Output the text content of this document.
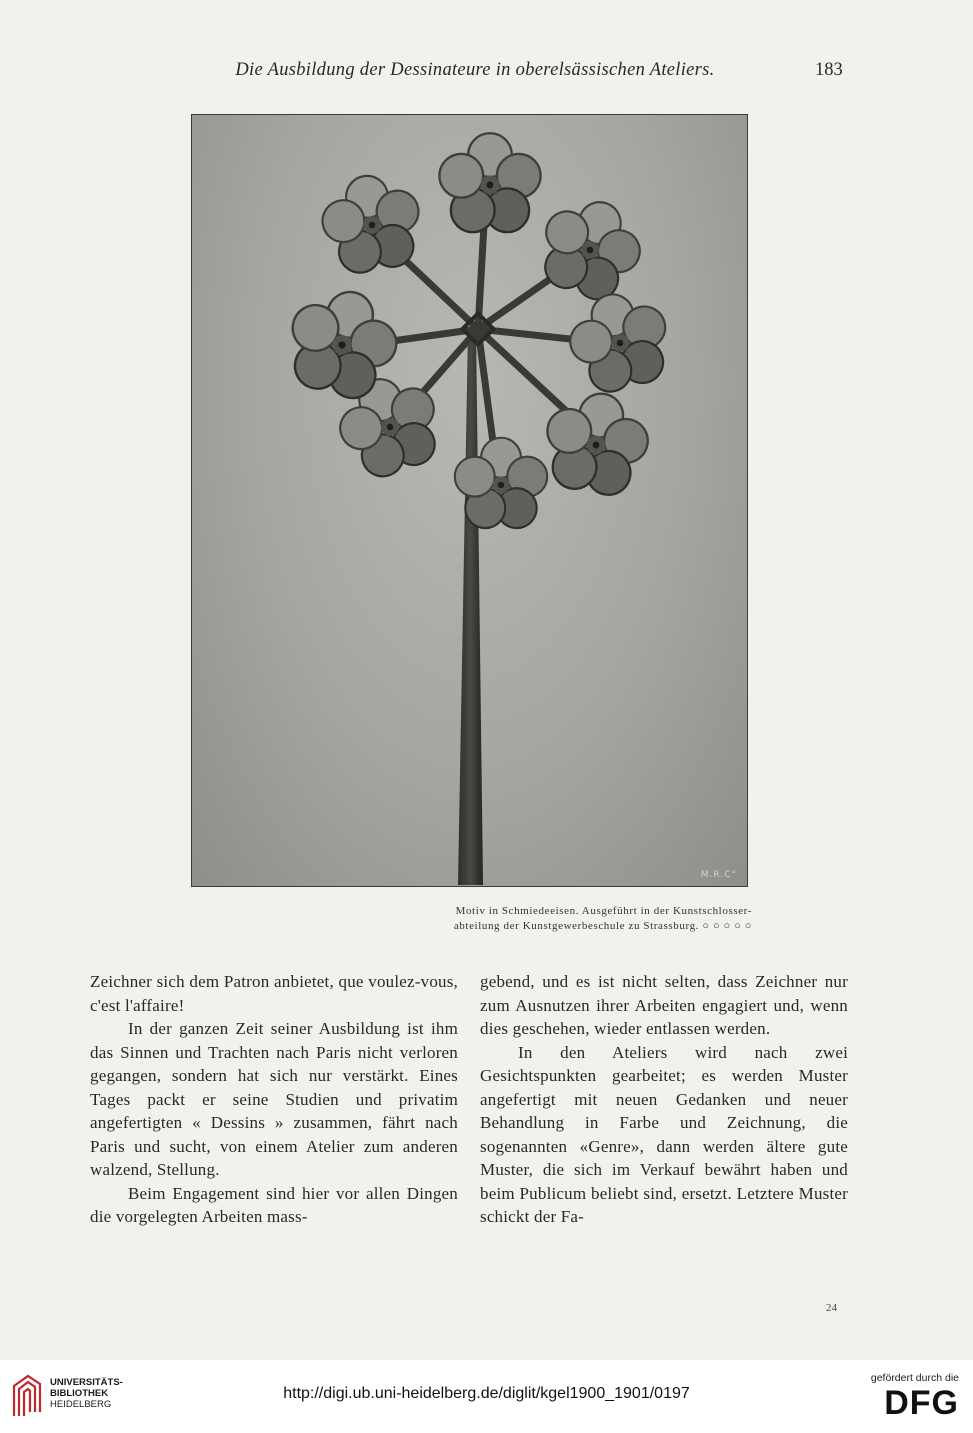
Die Ausbildung der Dessinateure in oberelsässischen Ateliers.	183
M.R.C°
Motiv in Schmiedeeisen. Ausgeführt in der Kunstschlosser-
abteilung der Kunstgewerbeschule zu Strassburg. ○ ○ ○ ○ ○

Zeichner sich dem Patron anbietet, que voulez-vous, c'est l'affaire!

In der ganzen Zeit seiner Ausbildung ist ihm das Sinnen und Trachten nach Paris nicht verloren gegangen, sondern hat sich nur verstärkt. Eines Tages packt er seine Studien und privatim angefertigten « Dessins » zusammen, fährt nach Paris und sucht, von einem Atelier zum anderen walzend, Stellung.

Beim Engagement sind hier vor allen Dingen die vorgelegten Arbeiten mass-

gebend, und es ist nicht selten, dass Zeichner nur zum Ausnutzen ihrer Arbeiten engagiert und, wenn dies geschehen, wieder entlassen werden.

In den Ateliers wird nach zwei Gesichtspunkten gearbeitet; es werden Muster angefertigt mit neuen Gedanken und neuer Behandlung in Farbe und Zeichnung, die sogenannten «Genre», dann werden ältere gute Muster, die sich im Verkauf bewährt haben und beim Publicum beliebt sind, ersetzt. Letztere Muster schickt der Fa-

24
UNIVERSITÄTS-
BIBLIOTHEK
HEIDELBERG
http://digi.ub.uni-heidelberg.de/diglit/kgel1900_1901/0197
gefördert durch die
DFG
